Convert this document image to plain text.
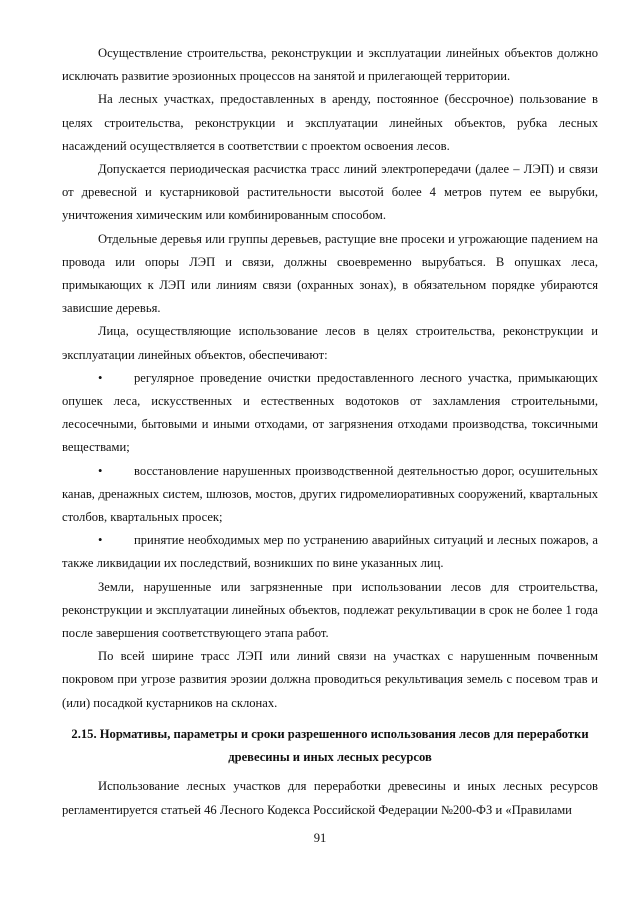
Осуществление строительства, реконструкции и эксплуатации линейных объектов должно исключать развитие эрозионных процессов на занятой и прилегающей территории.

На лесных участках, предоставленных в аренду, постоянное (бессрочное) пользование в целях строительства, реконструкции и эксплуатации линейных объектов, рубка лесных насаждений осуществляется в соответствии с проектом освоения лесов.

Допускается периодическая расчистка трасс линий электропередачи (далее – ЛЭП) и связи от древесной и кустарниковой растительности высотой более 4 метров путем ее вырубки, уничтожения химическим или комбинированным способом.

Отдельные деревья или группы деревьев, растущие вне просеки и угрожающие падением на провода или опоры ЛЭП и связи, должны своевременно вырубаться. В опушках леса, примыкающих к ЛЭП или линиям связи (охранных зонах), в обязательном порядке убираются зависшие деревья.

Лица, осуществляющие использование лесов в целях строительства, реконструкции и эксплуатации линейных объектов, обеспечивают:

•	регулярное проведение очистки предоставленного лесного участка, примыкающих опушек леса, искусственных и естественных водотоков от захламления строительными, лесосечными, бытовыми и иными отходами, от загрязнения отходами производства, токсичными веществами;

•	восстановление нарушенных производственной деятельностью дорог, осушительных канав, дренажных систем, шлюзов, мостов, других гидромелиоративных сооружений, квартальных столбов, квартальных просек;

•	принятие необходимых мер по устранению аварийных ситуаций и лесных пожаров, а также ликвидации их последствий, возникших по вине указанных лиц.

Земли, нарушенные или загрязненные при использовании лесов для строительства, реконструкции и эксплуатации линейных объектов, подлежат рекультивации в срок не более 1 года после завершения соответствующего этапа работ.

По всей ширине трасс ЛЭП или линий связи на участках с нарушенным почвенным покровом при угрозе развития эрозии должна проводиться рекультивация земель с посевом трав и (или) посадкой кустарников на склонах.

2.15. Нормативы, параметры и сроки разрешенного использования лесов для переработки
древесины и иных лесных ресурсов

Использование лесных участков для переработки древесины и иных лесных ресурсов регламентируется статьей 46 Лесного Кодекса Российской Федерации №200-ФЗ и «Правилами

91
